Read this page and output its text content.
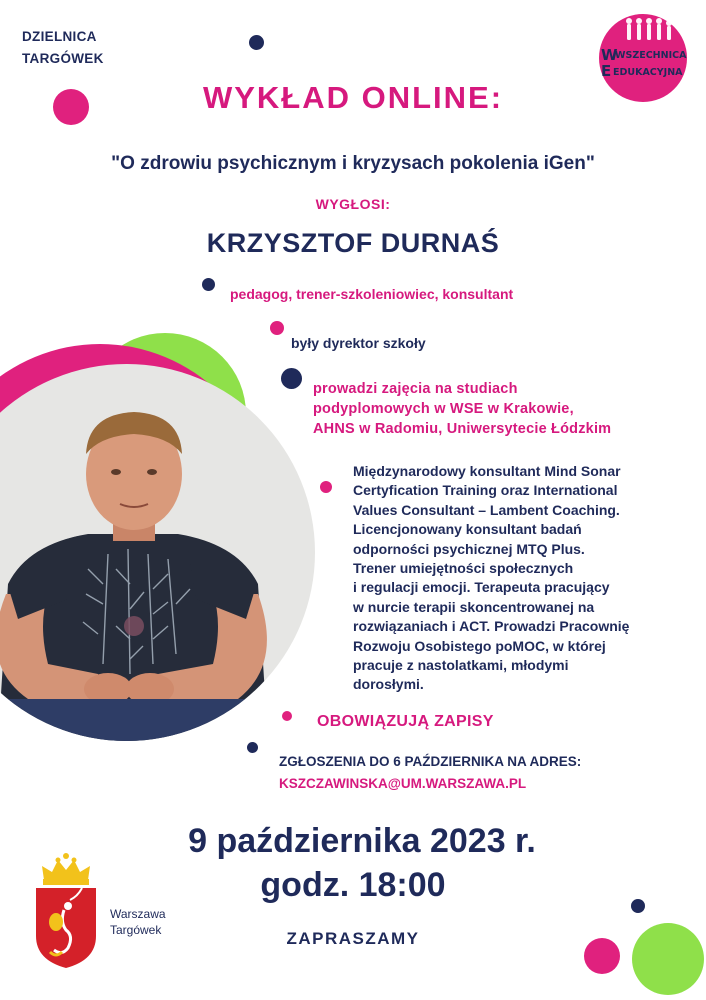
DZIELNICA
TARGÓWEK	W
WSZECHNICA
E EDUKACYJNA
WYKŁAD ONLINE:
"O zdrowiu psychicznym i kryzysach pokolenia iGen"
WYGŁOSI:
KRZYSZTOF DURNAŚ
pedagog, trener-szkoleniowiec, konsultant
były dyrektor szkoły
prowadzi zajęcia na studiach
podyplomowych w WSE w Krakowie,
AHNS w Radomiu, Uniwersytecie Łódzkim
Międzynarodowy konsultant Mind Sonar
Certyfication Training oraz International
Values Consultant – Lambent Coaching.
Licencjonowany konsultant badań
odporności psychicznej MTQ Plus.
Trener umiejętności społecznych
i regulacji emocji. Terapeuta pracujący
w nurcie terapii skoncentrowanej na
rozwiązaniach i ACT. Prowadzi Pracownię
Rozwoju Osobistego poMOC, w której
pracuje z nastolatkami, młodymi
dorosłymi.
OBOWIĄZUJĄ ZAPISY
ZGŁOSZENIA DO 6 PAŹDZIERNIKA NA ADRES:
KSZCZAWINSKA@UM.WARSZAWA.PL
9 października 2023 r.
godz. 18:00
ZAPRASZAMY
Warszawa
Targówek
